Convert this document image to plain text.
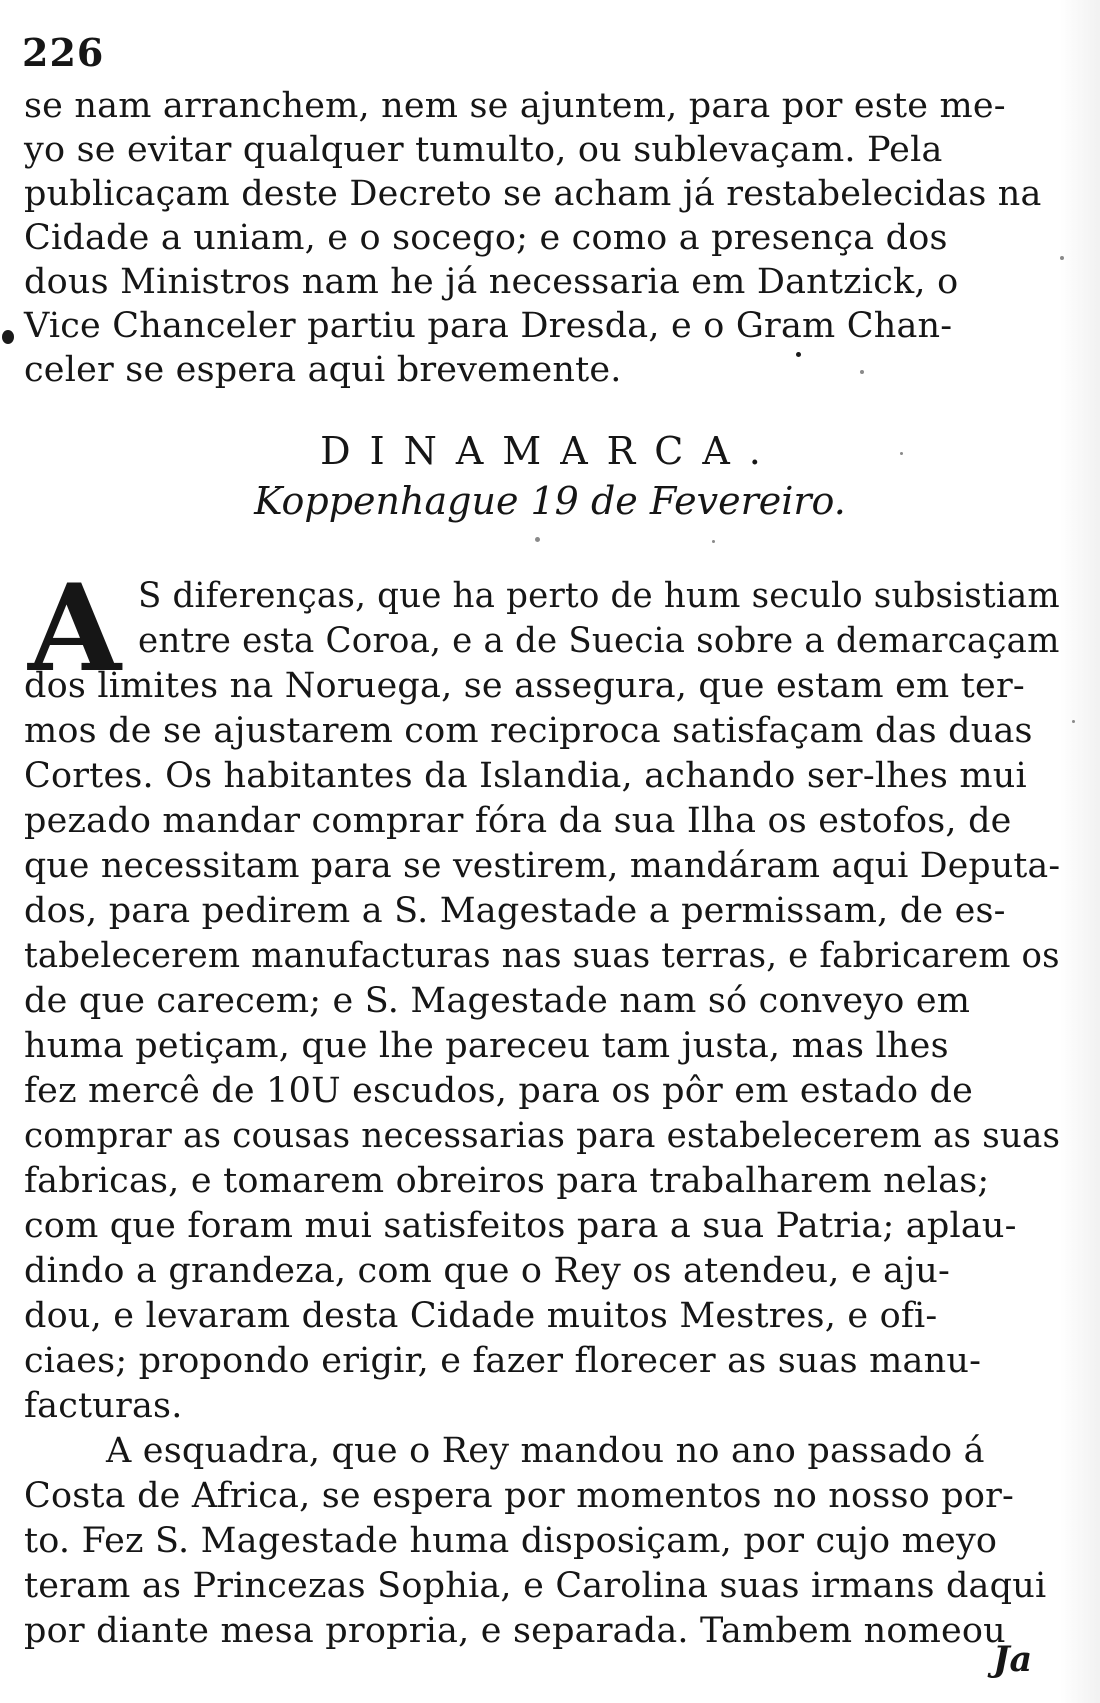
226
se nam arranchem, nem se ajuntem, para por este me-
yo se evitar qualquer tumulto, ou sublevaçam. Pela
publicaçam deste Decreto se acham já restabelecidas na
Cidade a uniam, e o socego; e como a presença dos
dous Ministros nam he já necessaria em Dantzick, o
Vice Chanceler partiu para Dresda, e o Gram Chan-
celer se espera aqui brevemente.
DINAMARCA.
Koppenhague 19 de Fevereiro.
A S diferenças, que ha perto de hum seculo subsistiam
entre esta Coroa, e a de Suecia sobre a demarcaçam
dos limites na Noruega, se assegura, que estam em ter-
mos de se ajustarem com reciproca satisfaçam das duas
Cortes. Os habitantes da Islandia, achando ser-lhes mui
pezado mandar comprar fóra da sua Ilha os estofos, de
que necessitam para se vestirem, mandáram aqui Deputa-
dos, para pedirem a S. Magestade a permissam, de es-
tabelecerem manufacturas nas suas terras, e fabricarem os
de que carecem; e S. Magestade nam só conveyo em
huma petiçam, que lhe pareceu tam justa, mas lhes
fez mercê de 10U escudos, para os pôr em estado de
comprar as cousas necessarias para estabelecerem as suas
fabricas, e tomarem obreiros para trabalharem nelas;
com que foram mui satisfeitos para a sua Patria; aplau-
dindo a grandeza, com que o Rey os atendeu, e aju-
dou, e levaram desta Cidade muitos Mestres, e ofi-
ciaes; propondo erigir, e fazer florecer as suas manu-
facturas.
A esquadra, que o Rey mandou no ano passado á
Costa de Africa, se espera por momentos no nosso por-
to. Fez S. Magestade huma disposiçam, por cujo meyo
teram as Princezas Sophia, e Carolina suas irmans daqui
por diante mesa propria, e separada. Tambem nomeou
Ja
